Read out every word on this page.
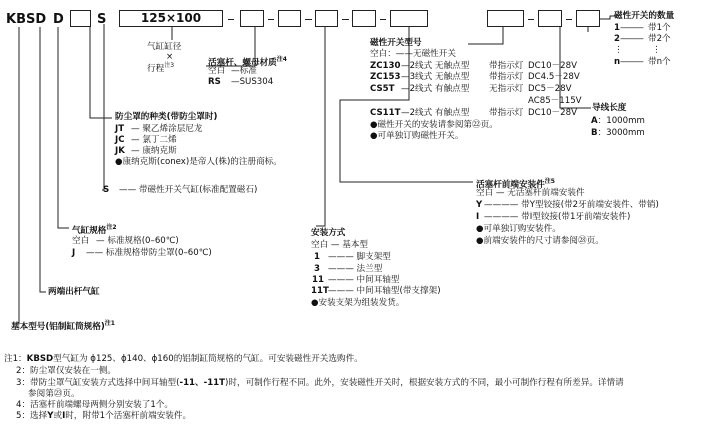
KBSD D	S	125×100	磁性开关的数量
1 ——— 带1个
2 ——— 带2个
⋮	⋮
n ——— 带n个
气缸缸径
×
行程$^{注3}$	活塞杆、螺母材质$^{注4}$
空白 —标准
RS —SUS304
磁性开关型号
空白：——无磁性开关
ZC130 —2线式 无触点型 带指示灯 DC10－28V
ZC153 —3线式 无触点型 带指示灯 DC4.5－28V
CS5T —2线式 有触点型 无指示灯 DC5－28V
AC85－115V
CS11T —2线式 有触点型 带指示灯 DC10－28V
●磁性开关的安装请参阅第㉒页。
●可单独订购磁性开关。
导线长度
A：1000mm
B：3000mm
防尘罩的种类(带防尘罩时)
JT — 聚乙烯涂层尼龙
JC — 氯丁二烯
JK — 康纳克斯
●康纳克斯(conex)是帝人(株)的注册商标。
S —— 带磁性开关气缸(标准配置磁石)
活塞杆前端安装件$^{注5}$
空白 — 无活塞杆前端安装件
Y ———— 带Y型铰接(带2牙前端安装件、带销)
I ———— 带I型铰接(带1牙前端安装件)
●可单独订购安装件。
●前端安装件的尺寸请参阅㉘页。
气缸规格$^{注2}$
空白 — 标准规格(0–60℃)
J —— 标准规格带防尘罩(0–60℃)
安装方式
空白 — 基本型
1 ——— 脚支架型
3 ——— 法兰型
11 ——— 中间耳轴型
11T ——— 中间耳轴型(带支撑架)
●安装支架为组装发货。
两端出杆气缸
基本型号(铝制缸筒规格)$^{注1}$
注1：KBSD型气缸为 ϕ125、ϕ140、ϕ160的铝制缸筒规格的气缸。可安装磁性开关选购件。
2：防尘罩仅安装在一侧。
3：带防尘罩气缸安装方式选择中间耳轴型(-11、-11T)时，可制作行程不同。此外，安装磁性开关时，根据安装方式的不同，最小可制作行程有所差异。详情请
参阅第㉓页。
4：活塞杆前端螺母两侧分别安装了1个。
5：选择Y或I时，附带1个活塞杆前端安装件。
